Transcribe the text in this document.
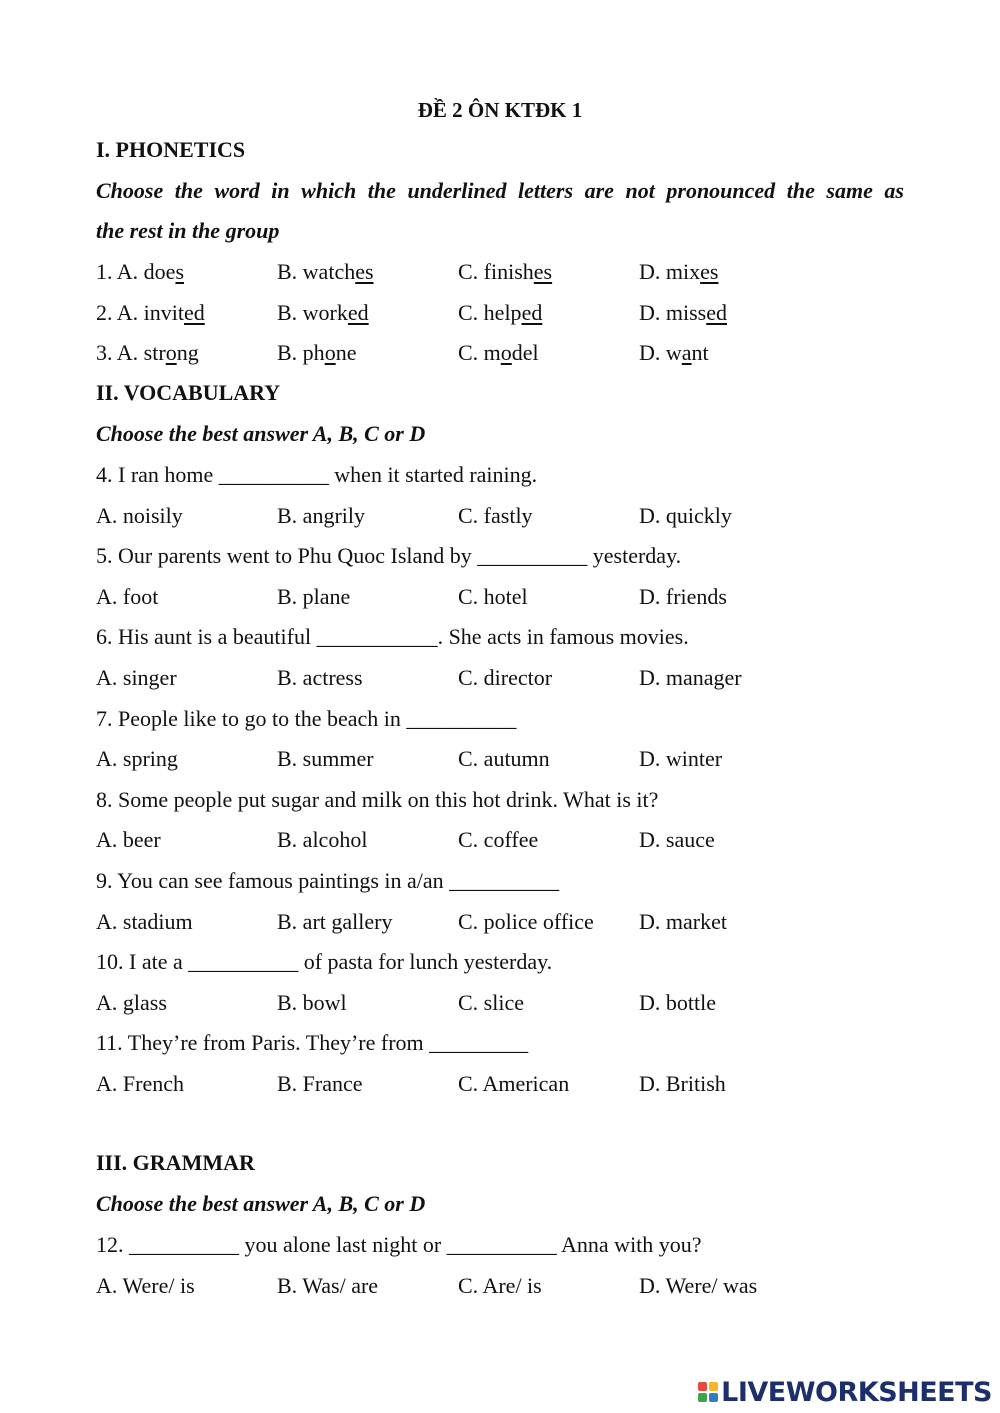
ĐỀ 2 ÔN KTĐK 1
I. PHONETICS
Choose the word in which the underlined letters are not pronounced the same as
the rest in the group
1. A. does	B. watches	C. finishes	D. mixes
2. A. invited	B. worked	C. helped	D. missed
3. A. strong	B. phone	C. model	D. want
II. VOCABULARY
Choose the best answer A, B, C or D
4. I ran home __________ when it started raining.
A. noisily	B. angrily	C. fastly	D. quickly
5. Our parents went to Phu Quoc Island by __________ yesterday.
A. foot	B. plane	C. hotel	D. friends
6. His aunt is a beautiful ___________. She acts in famous movies.
A. singer	B. actress	C. director	D. manager
7. People like to go to the beach in __________
A. spring	B. summer	C. autumn	D. winter
8. Some people put sugar and milk on this hot drink. What is it?
A. beer	B. alcohol	C. coffee	D. sauce
9. You can see famous paintings in a/an __________
A. stadium	B. art gallery	C. police office D. market
10. I ate a __________ of pasta for lunch yesterday.
A. glass	B. bowl	C. slice	D. bottle
11. They’re from Paris. They’re from _________
A. French	B. France	C. American	D. British
III. GRAMMAR
Choose the best answer A, B, C or D
12. __________ you alone last night or __________ Anna with you?
A. Were/ is	B. Was/ are	C. Are/ is	D. Were/ was
LIVEWORKSHEETS
